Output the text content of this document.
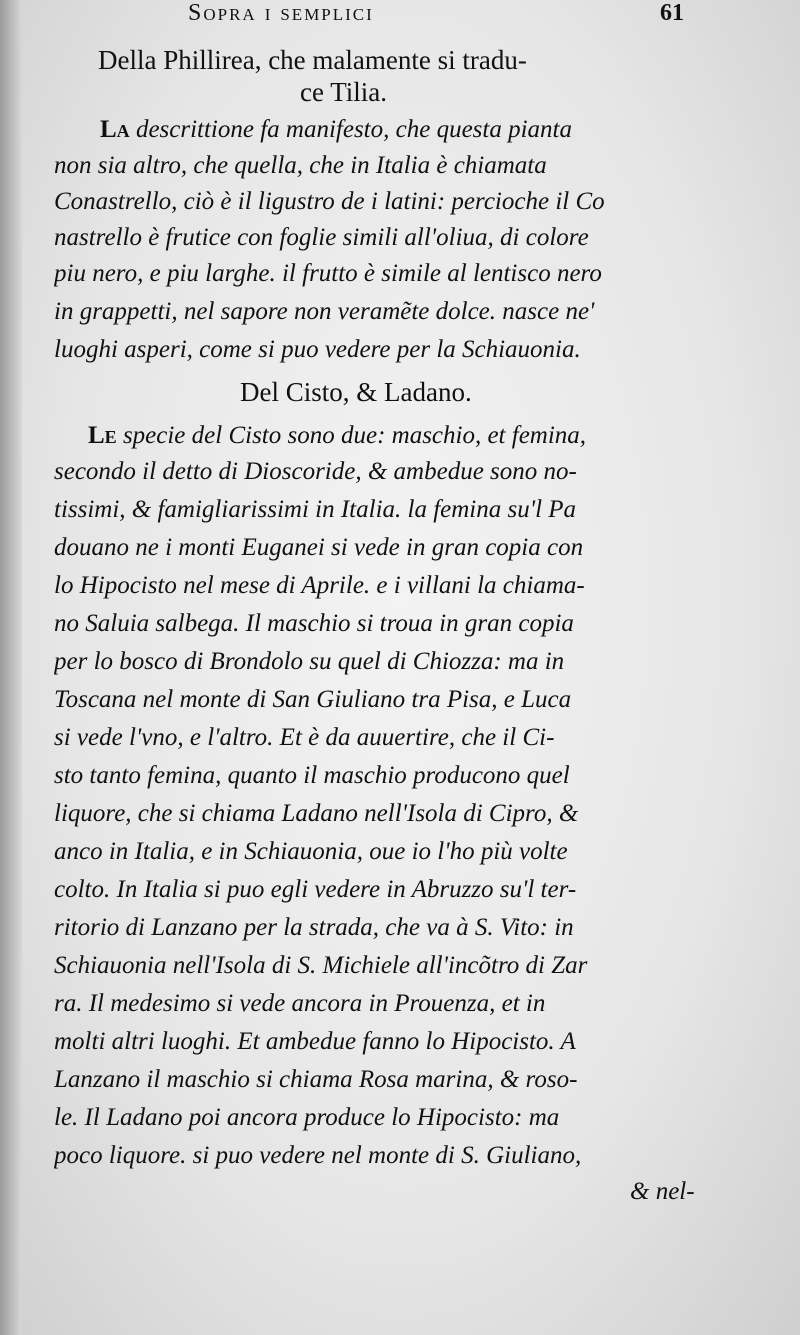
Sopra i semplici	61
Della Phillirea, che malamente si tradu-
ce Tilia.
La descrittione fa manifesto, che questa pianta
non sia altro, che quella, che in Italia è chiamata
Conastrello, ciò è il ligustro de i latini: percioche il Co
nastrello è frutice con foglie simili all'oliua, di colore
piu nero, e piu larghe. il frutto è simile al lentisco nero
in grappetti, nel sapore non veramẽte dolce. nasce ne'
luoghi asperi, come si puo vedere per la Schiauonia.
Del Cisto, & Ladano.
Le specie del Cisto sono due: maschio, et femina,
secondo il detto di Dioscoride, & ambedue sono no-
tissimi, & famigliarissimi in Italia. la femina su'l Pa
douano ne i monti Euganei si vede in gran copia con
lo Hipocisto nel mese di Aprile. e i villani la chiama-
no Saluia salbega. Il maschio si troua in gran copia
per lo bosco di Brondolo su quel di Chiozza: ma in
Toscana nel monte di San Giuliano tra Pisa, e Luca
si vede l'vno, e l'altro. Et è da auuertire, che il Ci-
sto tanto femina, quanto il maschio producono quel
liquore, che si chiama Ladano nell'Isola di Cipro, &
anco in Italia, e in Schiauonia, oue io l'ho più volte
colto. In Italia si puo egli vedere in Abruzzo su'l ter-
ritorio di Lanzano per la strada, che va à S. Vito: in
Schiauonia nell'Isola di S. Michiele all'incõtro di Zar
ra. Il medesimo si vede ancora in Prouenza, et in
molti altri luoghi. Et ambedue fanno lo Hipocisto. A
Lanzano il maschio si chiama Rosa marina, & roso-
le. Il Ladano poi ancora produce lo Hipocisto: ma
poco liquore. si puo vedere nel monte di S. Giuliano,
& nel-
